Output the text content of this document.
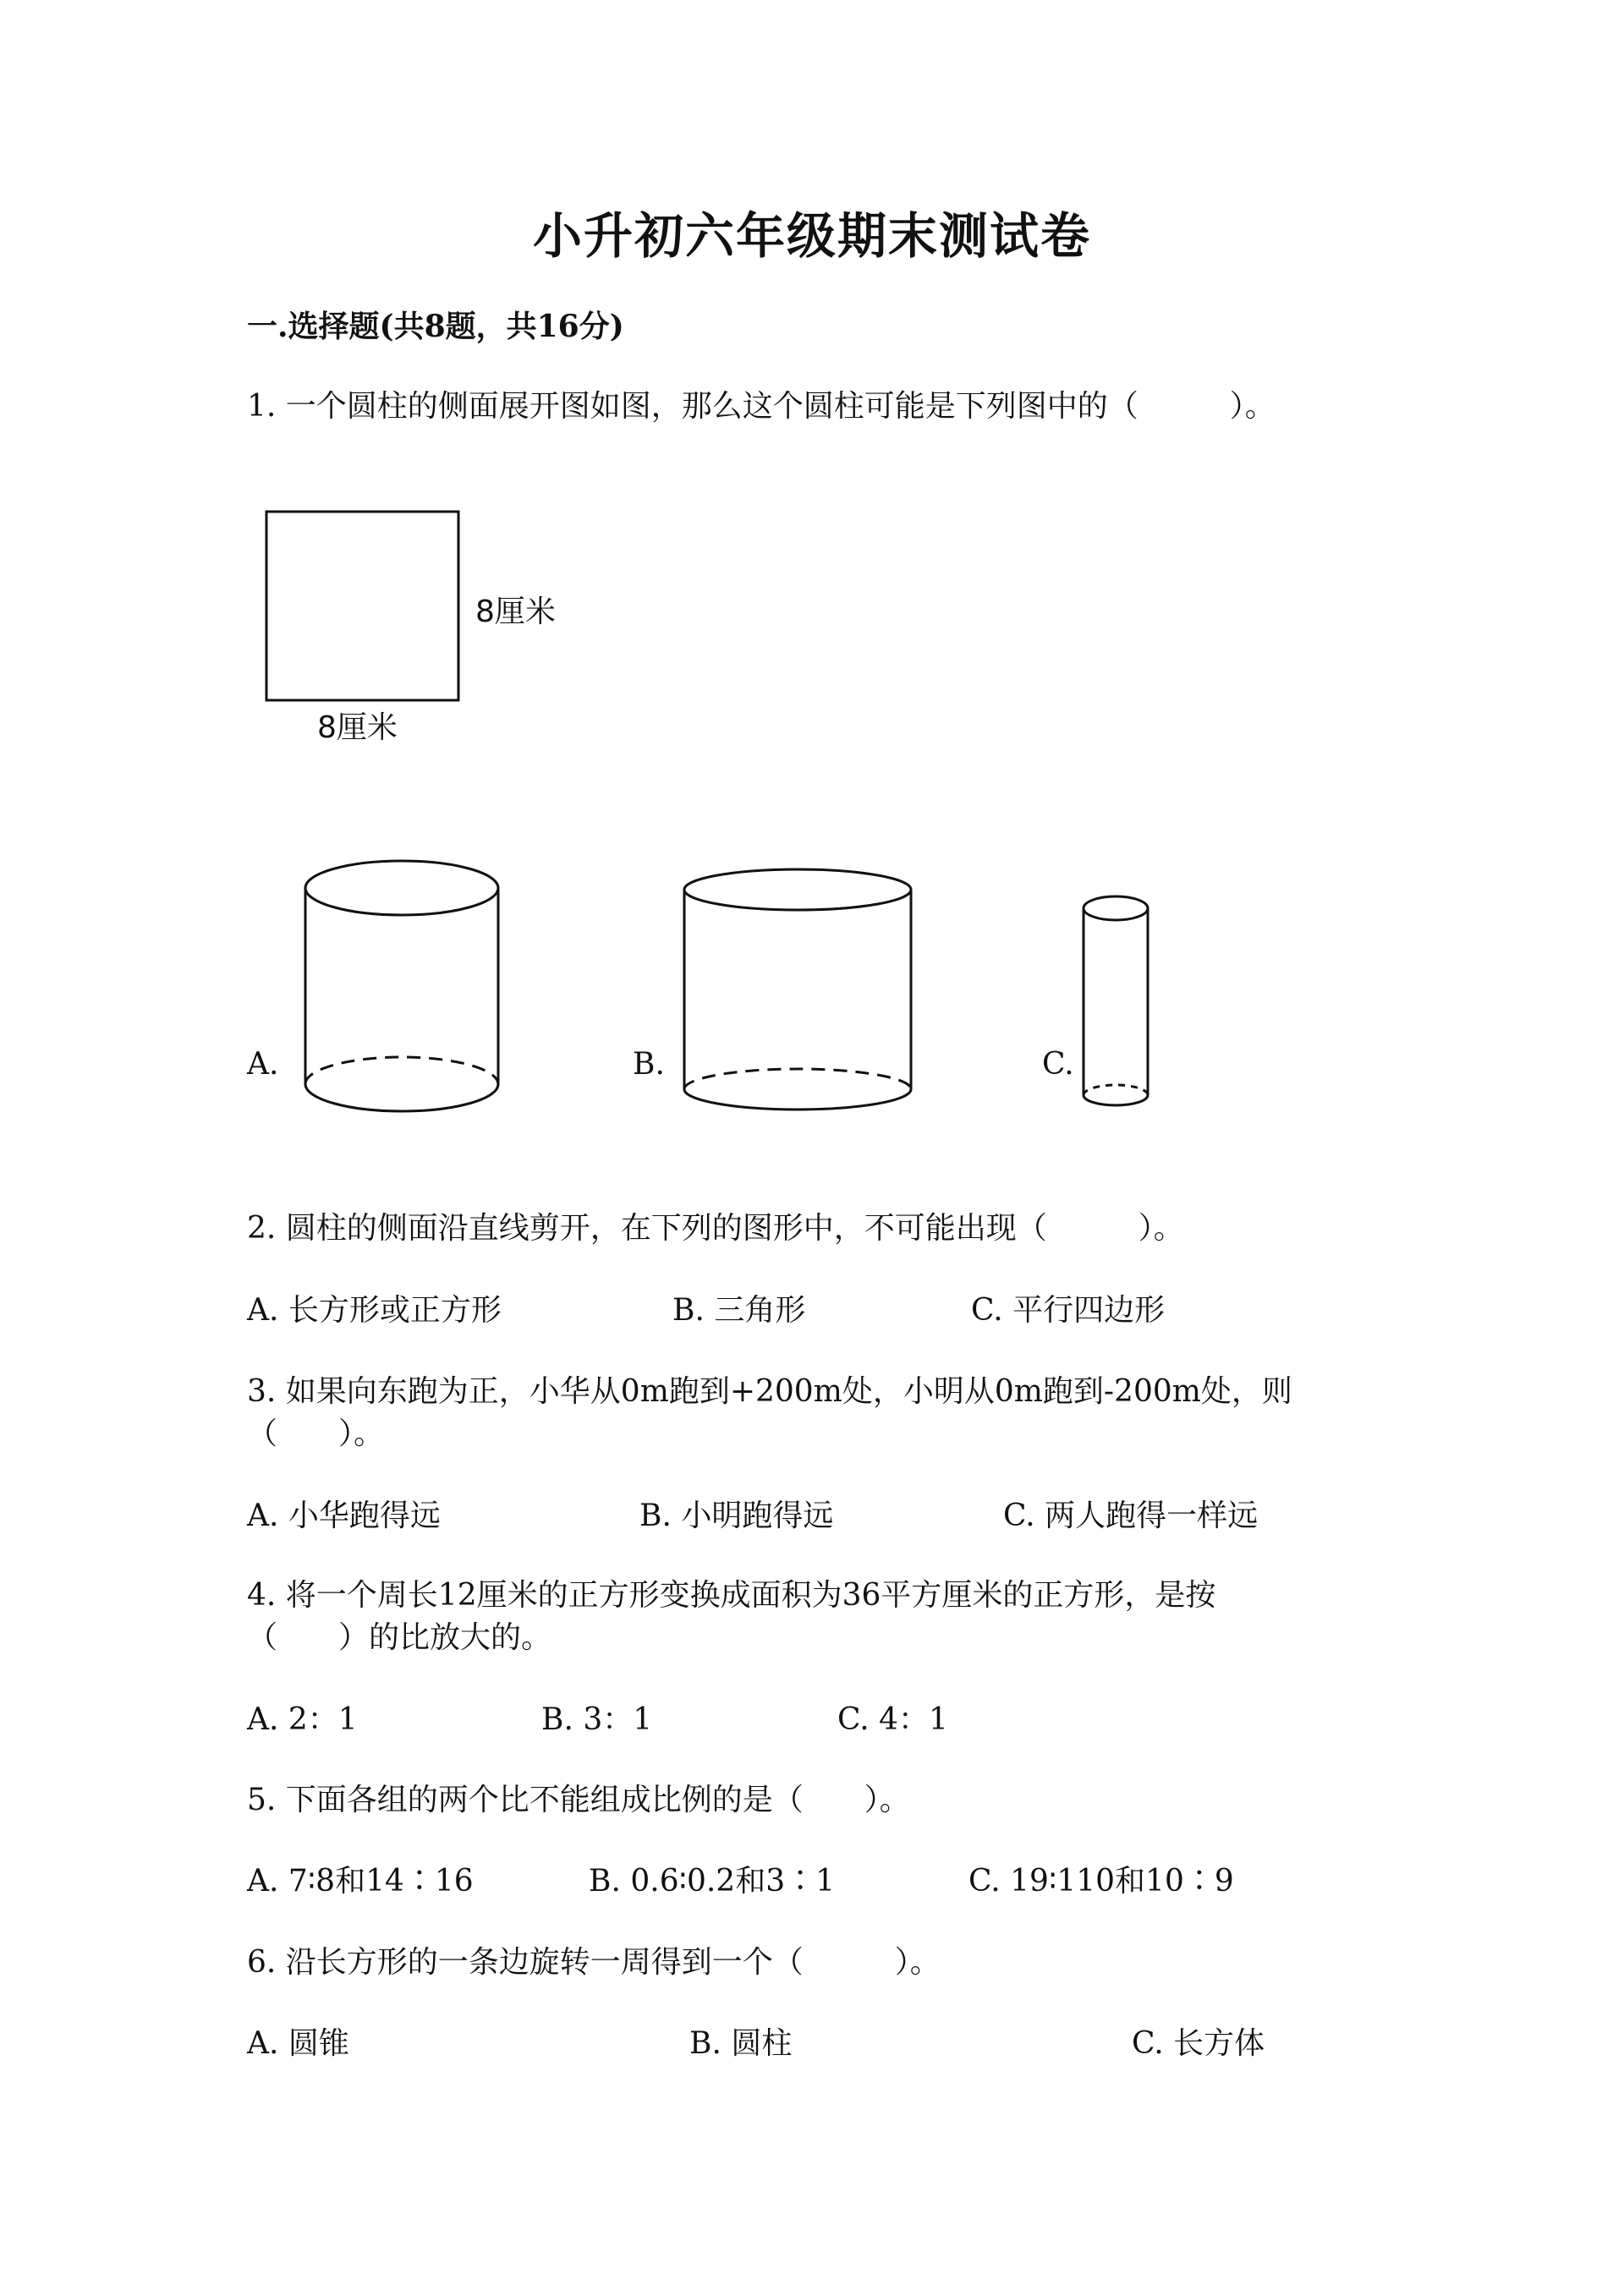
小升初六年级期末测试卷
一.选择题(共8题，共16分)
1. 一个圆柱的侧面展开图如图，那么这个圆柱可能是下列图中的（　　　）。
8厘米
8厘米
A.	B.	C.
2. 圆柱的侧面沿直线剪开，在下列的图形中，不可能出现（　　　）。
A. 长方形或正方形	B. 三角形	C. 平行四边形
3. 如果向东跑为正，小华从0m跑到+200m处，小明从0m跑到-200m处，则
（　　）。
A. 小华跑得远	B. 小明跑得远	C. 两人跑得一样远
4. 将一个周长12厘米的正方形变换成面积为36平方厘米的正方形，是按
（　　）的比放大的。
A. 2：1	B. 3：1	C. 4：1
5. 下面各组的两个比不能组成比例的是（　　）。
A. 7∶8和14∶16	B. 0.6∶0.2和3∶1	C. 19∶110和10∶9
6. 沿长方形的一条边旋转一周得到一个（　　　）。
A. 圆锥	B. 圆柱	C. 长方体
